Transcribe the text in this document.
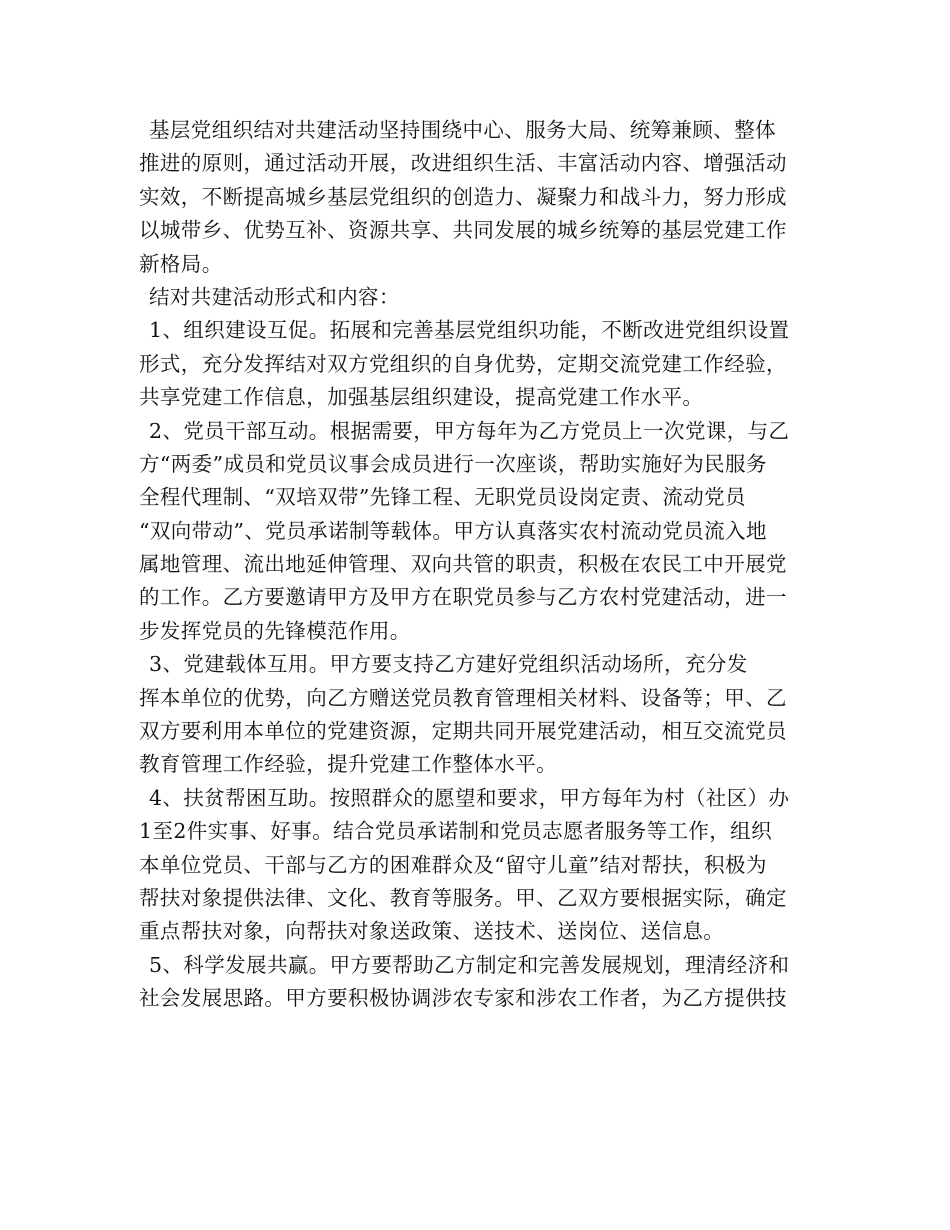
基层党组织结对共建活动坚持围绕中心、服务大局、统筹兼顾、整体
推进的原则，通过活动开展，改进组织生活、丰富活动内容、增强活动
实效，不断提高城乡基层党组织的创造力、凝聚力和战斗力，努力形成
以城带乡、优势互补、资源共享、共同发展的城乡统筹的基层党建工作
新格局。
结对共建活动形式和内容：
1、组织建设互促。拓展和完善基层党组织功能，不断改进党组织设置
形式，充分发挥结对双方党组织的自身优势，定期交流党建工作经验，
共享党建工作信息，加强基层组织建设，提高党建工作水平。
2、党员干部互动。根据需要，甲方每年为乙方党员上一次党课，与乙
方“两委”成员和党员议事会成员进行一次座谈，帮助实施好为民服务
全程代理制、“双培双带”先锋工程、无职党员设岗定责、流动党员
“双向带动”、党员承诺制等载体。甲方认真落实农村流动党员流入地
属地管理、流出地延伸管理、双向共管的职责，积极在农民工中开展党
的工作。乙方要邀请甲方及甲方在职党员参与乙方农村党建活动，进一
步发挥党员的先锋模范作用。
3、党建载体互用。甲方要支持乙方建好党组织活动场所，充分发
挥本单位的优势，向乙方赠送党员教育管理相关材料、设备等；甲、乙
双方要利用本单位的党建资源，定期共同开展党建活动，相互交流党员
教育管理工作经验，提升党建工作整体水平。
4、扶贫帮困互助。按照群众的愿望和要求，甲方每年为村（社区）办
1至2件实事、好事。结合党员承诺制和党员志愿者服务等工作，组织
本单位党员、干部与乙方的困难群众及“留守儿童”结对帮扶，积极为
帮扶对象提供法律、文化、教育等服务。甲、乙双方要根据实际，确定
重点帮扶对象，向帮扶对象送政策、送技术、送岗位、送信息。
5、科学发展共赢。甲方要帮助乙方制定和完善发展规划，理清经济和
社会发展思路。甲方要积极协调涉农专家和涉农工作者，为乙方提供技
